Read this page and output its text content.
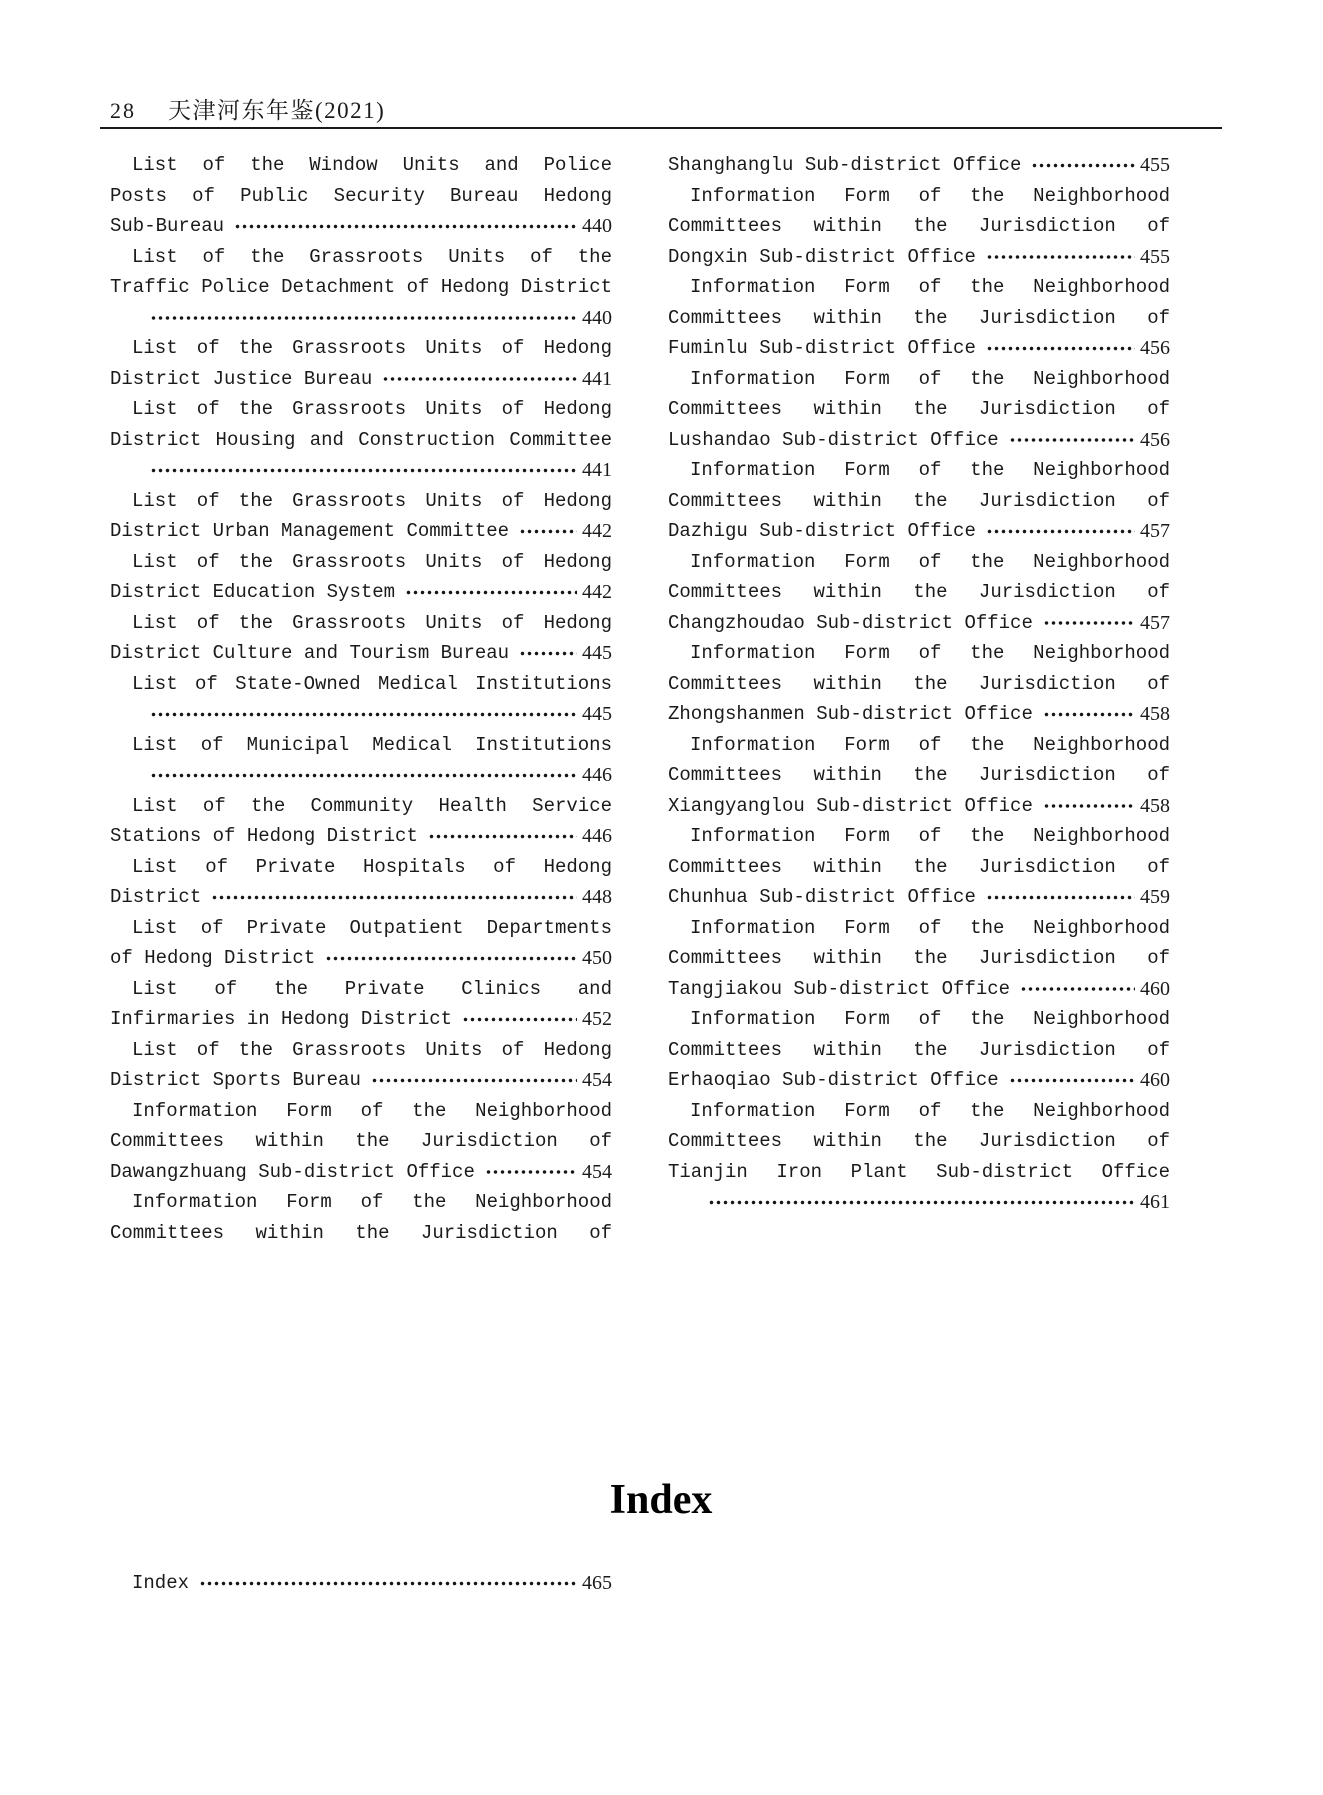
28 天津河东年鉴(2021)
List of the Window Units and Police
Posts of Public Security Bureau Hedong
Sub-Bureau	440
List of the Grassroots Units of the
Traffic Police Detachment of Hedong District
440
List of the Grassroots Units of Hedong
District Justice Bureau	441
List of the Grassroots Units of Hedong
District Housing and Construction Committee
441
List of the Grassroots Units of Hedong
District Urban Management Committee	442
List of the Grassroots Units of Hedong
District Education System	442
List of the Grassroots Units of Hedong
District Culture and Tourism Bureau	445
List of State-Owned Medical Institutions
445
List of Municipal Medical Institutions
446
List of the Community Health Service
Stations of Hedong District	446
List of Private Hospitals of Hedong
District	448
List of Private Outpatient Departments
of Hedong District	450
List of the Private Clinics and
Infirmaries in Hedong District	452
List of the Grassroots Units of Hedong
District Sports Bureau	454
Information Form of the Neighborhood
Committees within the Jurisdiction of
Dawangzhuang Sub-district Office	454
Information Form of the Neighborhood
Committees within the Jurisdiction of
Shanghanglu Sub-district Office	455
Information Form of the Neighborhood
Committees within the Jurisdiction of
Dongxin Sub-district Office	455
Information Form of the Neighborhood
Committees within the Jurisdiction of
Fuminlu Sub-district Office	456
Information Form of the Neighborhood
Committees within the Jurisdiction of
Lushandao Sub-district Office	456
Information Form of the Neighborhood
Committees within the Jurisdiction of
Dazhigu Sub-district Office	457
Information Form of the Neighborhood
Committees within the Jurisdiction of
Changzhoudao Sub-district Office	457
Information Form of the Neighborhood
Committees within the Jurisdiction of
Zhongshanmen Sub-district Office	458
Information Form of the Neighborhood
Committees within the Jurisdiction of
Xiangyanglou Sub-district Office	458
Information Form of the Neighborhood
Committees within the Jurisdiction of
Chunhua Sub-district Office	459
Information Form of the Neighborhood
Committees within the Jurisdiction of
Tangjiakou Sub-district Office	460
Information Form of the Neighborhood
Committees within the Jurisdiction of
Erhaoqiao Sub-district Office	460
Information Form of the Neighborhood
Committees within the Jurisdiction of
Tianjin Iron Plant Sub-district Office
461
Index
Index	465
